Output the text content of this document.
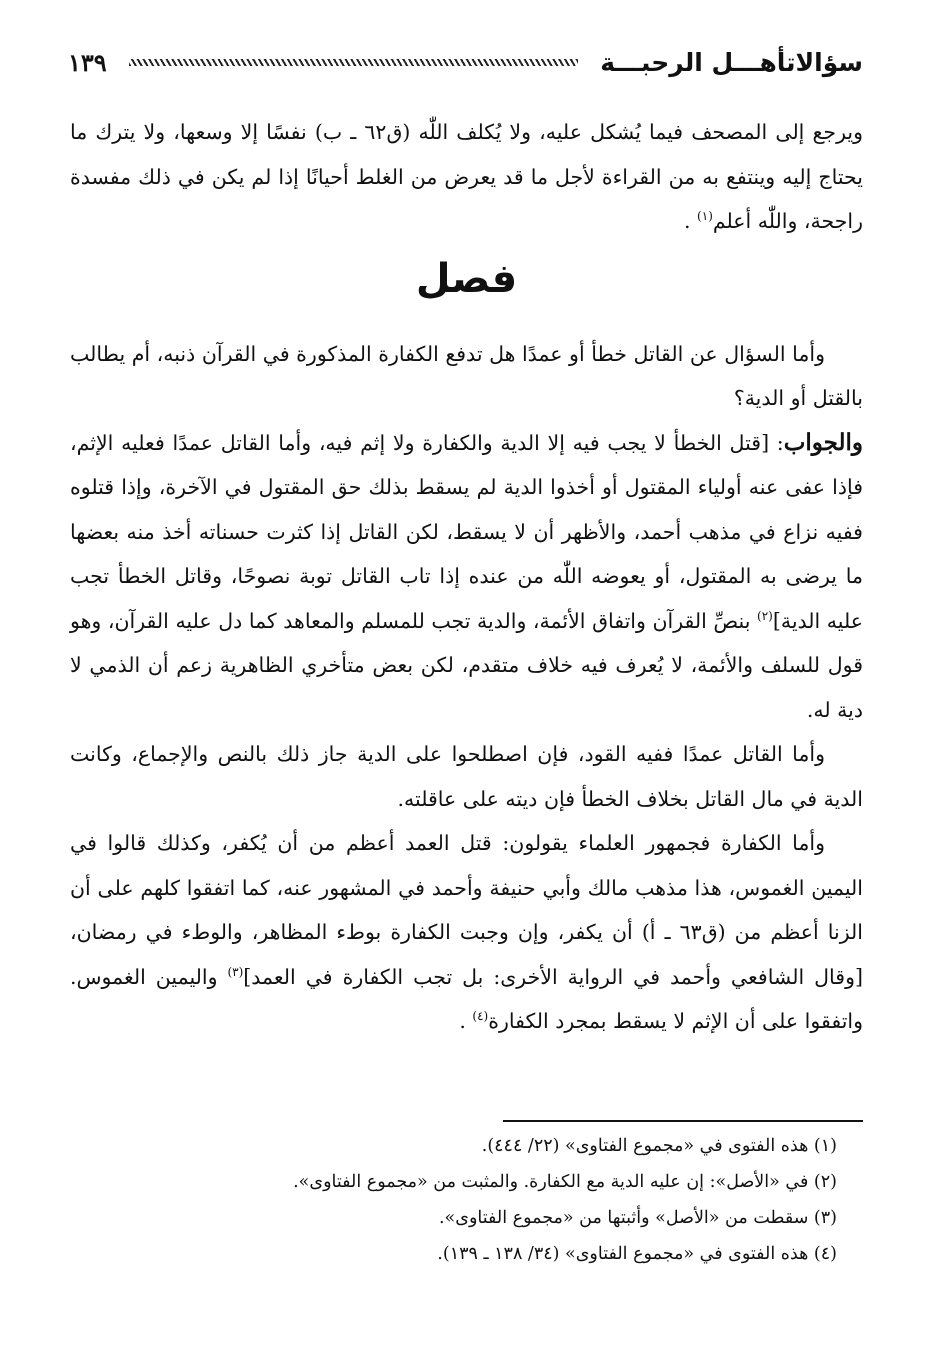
سؤالاتأهـــل الرحبـــة
١٣٩

ويرجع إلى المصحف فيما يُشكل عليه، ولا يُكلف اللّٰه (ق٦٢ ـ ب) نفسًا إلا وسعها، ولا يترك ما يحتاج إليه وينتفع به من القراءة لأجل ما قد يعرض من الغلط أحيانًا إذا لم يكن في ذلك مفسدة راجحة، واللّٰه أعلم$^{(١)}$ .

فصل

وأما السؤال عن القاتل خطأ أو عمدًا هل تدفع الكفارة المذكورة في القرآن ذنبه، أم يطالب بالقتل أو الدية؟

والجواب: [قتل الخطأ لا يجب فيه إلا الدية والكفارة ولا إثم فيه، وأما القاتل عمدًا فعليه الإثم، فإذا عفى عنه أولياء المقتول أو أخذوا الدية لم يسقط بذلك حق المقتول في الآخرة، وإذا قتلوه ففيه نزاع في مذهب أحمد، والأظهر أن لا يسقط، لكن القاتل إذا كثرت حسناته أخذ منه بعضها ما يرضى به المقتول، أو يعوضه اللّٰه من عنده إذا تاب القاتل توبة نصوحًا، وقاتل الخطأ تجب عليه الدية]$^{(٢)}$ بنصِّ القرآن واتفاق الأئمة، والدية تجب للمسلم والمعاهد كما دل عليه القرآن، وهو قول للسلف والأئمة، لا يُعرف فيه خلاف متقدم، لكن بعض متأخري الظاهرية زعم أن الذمي لا دية له.

وأما القاتل عمدًا ففيه القود، فإن اصطلحوا على الدية جاز ذلك بالنص والإجماع، وكانت الدية في مال القاتل بخلاف الخطأ فإن ديته على عاقلته.

وأما الكفارة فجمهور العلماء يقولون: قتل العمد أعظم من أن يُكفر، وكذلك قالوا في اليمين الغموس، هذا مذهب مالك وأبي حنيفة وأحمد في المشهور عنه، كما اتفقوا كلهم على أن الزنا أعظم من (ق٦٣ ـ أ) أن يكفر، وإن وجبت الكفارة بوطء المظاهر، والوطء في رمضان، [وقال الشافعي وأحمد في الرواية الأخرى: بل تجب الكفارة في العمد]$^{(٣)}$ واليمين الغموس. واتفقوا على أن الإثم لا يسقط بمجرد الكفارة$^{(٤)}$ .

(١) هذه الفتوى في «مجموع الفتاوى» (٢٢/ ٤٤٤).

(٢) في «الأصل»: إن عليه الدية مع الكفارة. والمثبت من «مجموع الفتاوى».

(٣) سقطت من «الأصل» وأثبتها من «مجموع الفتاوى».

(٤) هذه الفتوى في «مجموع الفتاوى» (٣٤/ ١٣٨ ـ ١٣٩).
